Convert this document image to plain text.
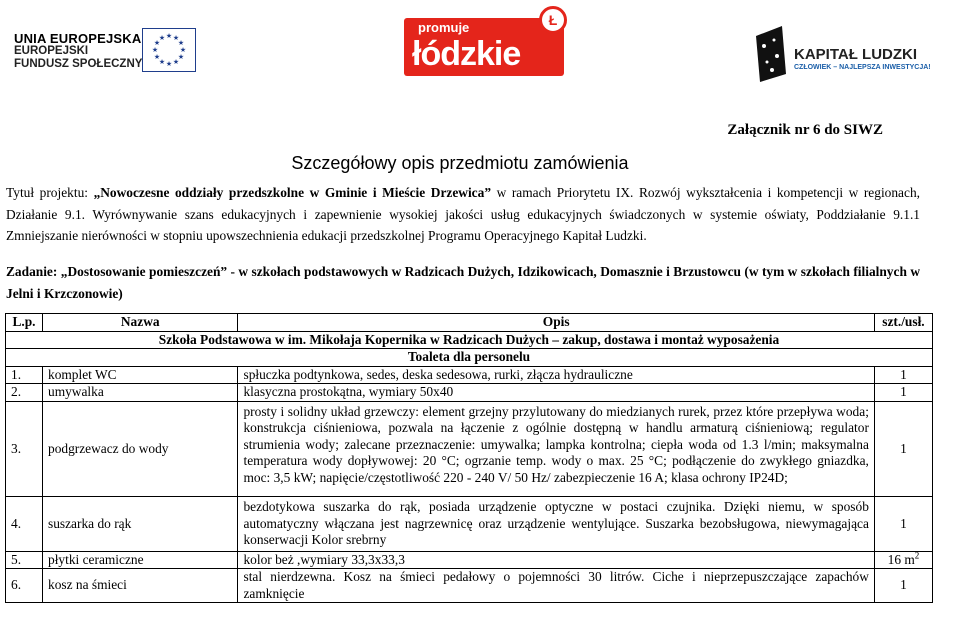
UNIA EUROPEJSKA
EUROPEJSKI
FUNDUSZ SPOŁECZNY
★ ★
★
★
★
★
★
★
★
★
★
★
promuje
łódzkie
Ł
KAPITAŁ LUDZKI
CZŁOWIEK – NAJLEPSZA INWESTYCJA!
Załącznik nr 6 do SIWZ
Szczegółowy opis przedmiotu zamówienia
Tytuł projektu: „Nowoczesne oddziały przedszkolne w Gminie i Mieście Drzewica” w ramach Priorytetu IX. Rozwój wykształcenia i kompetencji w regionach, Działanie 9.1. Wyrównywanie szans edukacyjnych i zapewnienie wysokiej jakości usług edukacyjnych świadczonych w systemie oświaty, Poddziałanie 9.1.1 Zmniejszanie nierówności w stopniu upowszechnienia edukacji przedszkolnej Programu Operacyjnego Kapitał Ludzki.
Zadanie: „Dostosowanie pomieszczeń” - w szkołach podstawowych w Radzicach Dużych, Idzikowicach, Domasznie i Brzustowcu (w tym w szkołach filialnych w Jelni i Krzczonowie)
L.p.	Nazwa	Opis	szt./usł.
Szkoła Podstawowa w im. Mikołaja Kopernika w Radzicach Dużych – zakup, dostawa i montaż wyposażenia			
Toaleta dla personelu			
1.	komplet WC	spłuczka podtynkowa, sedes, deska sedesowa, rurki, złącza hydrauliczne	1
2.	umywalka	klasyczna prostokątna, wymiary 50x40	1
3.	podgrzewacz do wody	prosty i solidny układ grzewczy: element grzejny przylutowany do miedzianych rurek, przez które przepływa woda; konstrukcja ciśnieniowa, pozwala na łączenie z ogólnie dostępną w handlu armaturą ciśnieniową; regulator strumienia wody; zalecane przeznaczenie: umywalka; lampka kontrolna; ciepła woda od 1.3 l/min; maksymalna temperatura wody dopływowej: 20 °C; ogrzanie temp. wody o max. 25 °C; podłączenie do zwykłego gniazdka, moc: 3,5 kW; napięcie/częstotliwość 220 - 240 V/ 50 Hz/ zabezpieczenie 16 A; klasa ochrony IP24D;	1
4.	suszarka do rąk	bezdotykowa suszarka do rąk, posiada urządzenie optyczne w postaci czujnika. Dzięki niemu, w sposób automatyczny włączana jest nagrzewnicę oraz urządzenie wentylujące. Suszarka bezobsługowa, niewymagająca konserwacji Kolor srebrny	1
5.	płytki ceramiczne	kolor beż ,wymiary 33,3x33,3	16 $m^2$
6.	kosz na śmieci	stal nierdzewna. Kosz na śmieci pedałowy o pojemności 30 litrów. Ciche i nieprzepuszczające zapachów zamknięcie	1
